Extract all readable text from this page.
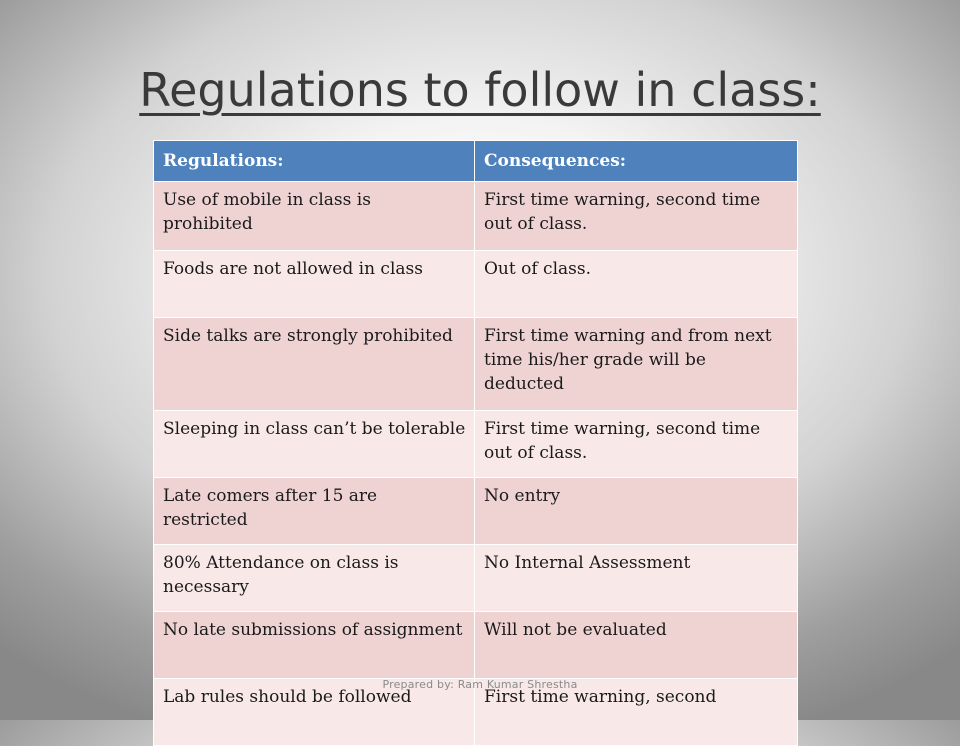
Regulations to follow in class:
Regulations:	Consequences:
Use of mobile in class is prohibited	First time warning, second time out of class.
Foods are not allowed in class	Out of class.
Side talks are strongly prohibited	First time warning and from next time his/her grade will be deducted
Sleeping in class can’t be tolerable	First time warning, second time out of class.
Late comers after 15 are restricted	No entry
80% Attendance on class is necessary	No Internal Assessment
No late submissions of assignment	Will not be evaluated
Lab rules should be followed	First time warning, second
Prepared by: Ram Kumar Shrestha
